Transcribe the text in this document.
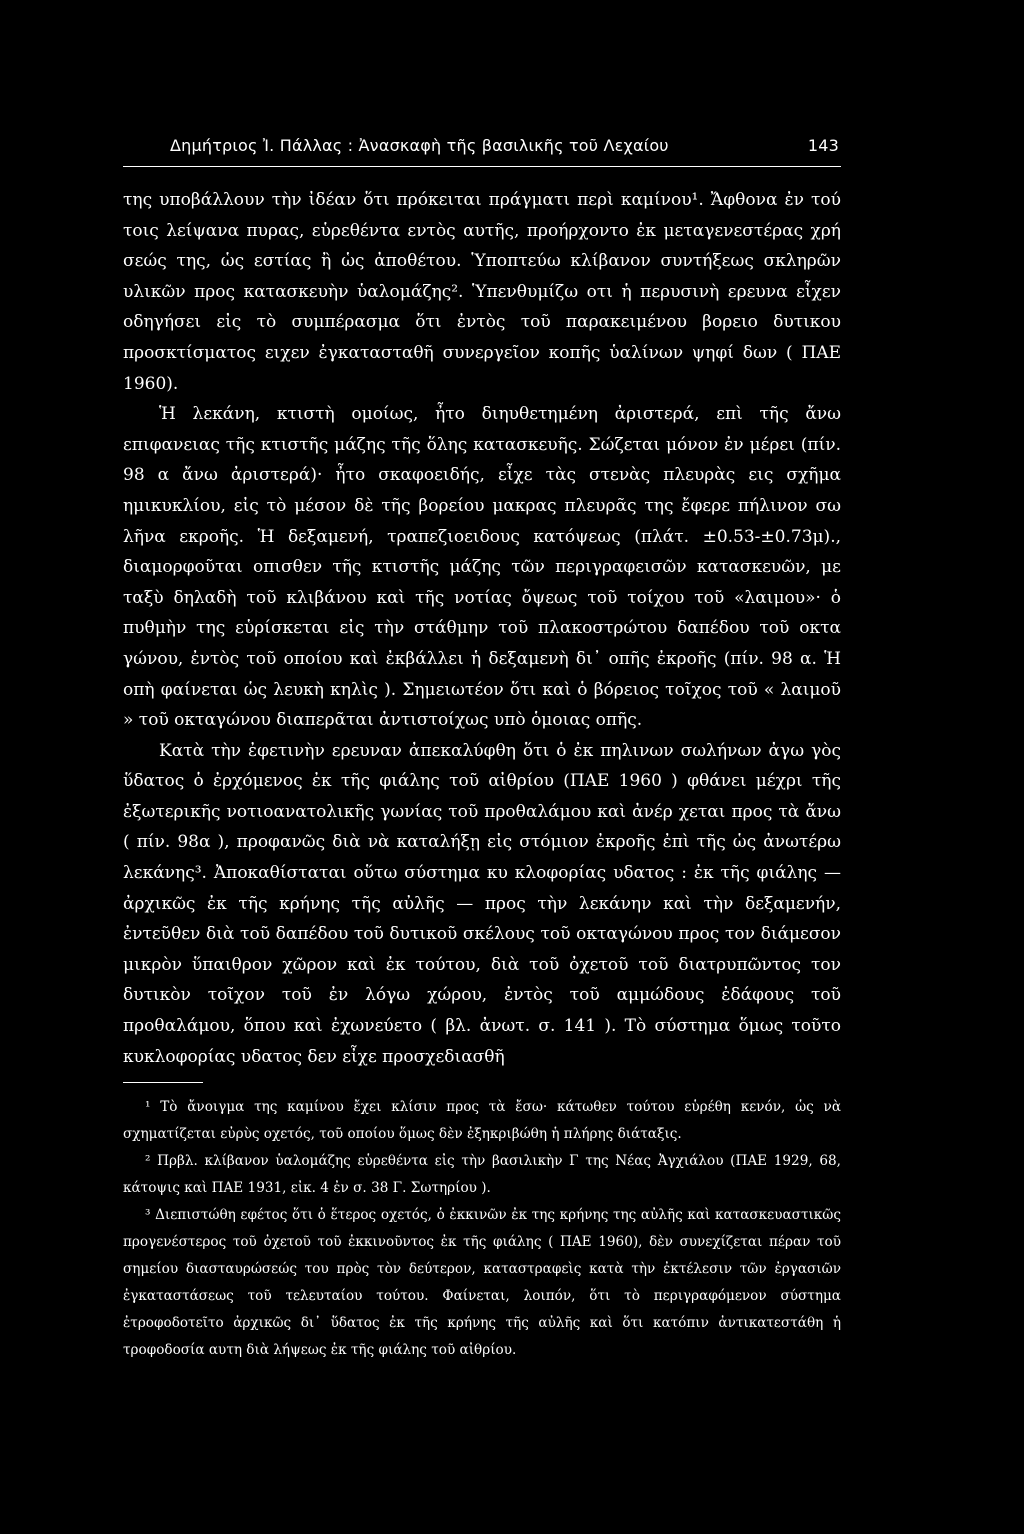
Δημήτριος Ἰ. Πάλλας : Ἀνασκαφὴ τῆς βασιλικῆς τοῦ Λεχαίου	143

της υποβάλλουν τὴν ἰδέαν ὅτι πρόκειται πράγματι περὶ καμίνου¹. Ἄφθονα ἐν τού τοις λείψανα πυρας, εὑρεθέντα εντὸς αυτῆς, προήρχοντο ἐκ μεταγενεστέρας χρή σεώς της, ὡς εστίας ἢ ὡς ἀποθέτου. Ὑποπτεύω κλίβανον συντήξεως σκληρῶν υλικῶν προς κατασκευὴν ὑαλομάζης². Ὑπενθυμίζω οτι ἡ περυσινὴ ερευνα εἶχεν οδηγήσει εἰς τὸ συμπέρασμα ὅτι ἐντὸς τοῦ παρακειμένου βορειο δυτικου προσκτίσματος ειχεν ἐγκατασταθῆ συνεργεῖον κοπῆς ὑαλίνων ψηφί δων ( ΠΑΕ 1960).

Ἡ λεκάνη, κτιστὴ ομοίως, ἦτο διηυθετημένη ἀριστερά, επὶ τῆς ἄνω επιφανειας τῆς κτιστῆς μάζης τῆς ὅλης κατασκευῆς. Σώζεται μόνον ἐν μέρει (πίν. 98 α ἄνω ἀριστερά)· ἦτο σκαφοειδής, εἶχε τὰς στενὰς πλευρὰς εις σχῆμα ημικυκλίου, εἰς τὸ μέσον δὲ τῆς βορείου μακρας πλευρᾶς της ἔφερε πήλινον σω λῆνα εκροῆς. Ἡ δεξαμενή, τραπεζιοειδους κατόψεως (πλάτ. ±0.53-±0.73μ)., διαμορφοῦται οπισθεν τῆς κτιστῆς μάζης τῶν περιγραφεισῶν κατασκευῶν, με ταξὺ δηλαδὴ τοῦ κλιβάνου καὶ τῆς νοτίας ὄψεως τοῦ τοίχου τοῦ «λαιμου»· ὁ πυθμὴν της εὑρίσκεται εἰς τὴν στάθμην τοῦ πλακοστρώτου δαπέδου τοῦ οκτα γώνου, ἐντὸς τοῦ οποίου καὶ ἐκβάλλει ἡ δεξαμενὴ δι᾽ οπῆς ἐκροῆς (πίν. 98 α. Ἡ οπὴ φαίνεται ὡς λευκὴ κηλὶς ). Σημειωτέον ὅτι καὶ ὁ βόρειος τοῖχος τοῦ « λαιμοῦ » τοῦ οκταγώνου διαπερᾶται ἀντιστοίχως υπὸ ὁμοιας οπῆς.

Κατὰ τὴν ἐφετινὴν ερευναν ἀπεκαλύφθη ὅτι ὁ ἐκ πηλινων σωλήνων ἀγω γὸς ὕδατος ὁ ἐρχόμενος ἐκ τῆς φιάλης τοῦ αἰθρίου (ΠΑΕ 1960 ) φθάνει μέχρι τῆς ἐξωτερικῆς νοτιοανατολικῆς γωνίας τοῦ προθαλάμου καὶ ἀνέρ χεται προς τὰ ἄνω ( πίν. 98α ), προφανῶς διὰ νὰ καταλήξῃ εἰς στόμιον ἐκροῆς ἐπὶ τῆς ὡς ἀνωτέρω λεκάνης³. Ἀποκαθίσταται οὕτω σύστημα κυ κλοφορίας υδατος : ἐκ τῆς φιάλης — ἀρχικῶς ἐκ τῆς κρήνης τῆς αὐλῆς — προς τὴν λεκάνην καὶ τὴν δεξαμενήν, ἐντεῦθεν διὰ τοῦ δαπέδου τοῦ δυτικοῦ σκέλους τοῦ οκταγώνου προς τον διάμεσον μικρὸν ὕπαιθρον χῶρον καὶ ἐκ τούτου, διὰ τοῦ ὀχετοῦ τοῦ διατρυπῶντος τον δυτικὸν τοῖχον τοῦ ἐν λόγω χώρου, ἐντὸς τοῦ αμμώδους ἐδάφους τοῦ προθαλάμου, ὅπου καὶ ἐχωνεύετο ( βλ. ἀνωτ. σ. 141 ). Τὸ σύστημα ὅμως τοῦτο κυκλοφορίας υδατος δεν εἶχε προσχεδιασθῆ

¹ Τὸ ἄνοιγμα της καμίνου ἔχει κλίσιν προς τὰ ἔσω· κάτωθεν τούτου εὑρέθη κενόν, ὡς νὰ σχηματίζεται εὐρὺς οχετός, τοῦ οποίου ὅμως δὲν ἐξηκριβώθη ἡ πλήρης διάταξις.

² Πρβλ. κλίβανον ὑαλομάζης εὑρεθέντα εἰς τὴν βασιλικὴν Γ της Νέας Ἀγχιάλου (ΠΑΕ 1929, 68, κάτοψις καὶ ΠΑΕ 1931, εἰκ. 4 ἐν σ. 38 Γ. Σωτηρίου ).

³ Διεπιστώθη εφέτος ὅτι ὁ ἕτερος οχετός, ὁ ἐκκινῶν ἐκ της κρήνης της αὐλῆς καὶ κατασκευαστικῶς προγενέστερος τοῦ ὀχετοῦ τοῦ ἐκκινοῦντος ἐκ τῆς φιάλης ( ΠΑΕ 1960), δὲν συνεχίζεται πέραν τοῦ σημείου διασταυρώσεώς του πρὸς τὸν δεύτερον, καταστραφεὶς κατὰ τὴν ἐκτέλεσιν τῶν ἐργασιῶν ἐγκαταστάσεως τοῦ τελευταίου τούτου. Φαίνεται, λοιπόν, ὅτι τὸ περιγραφόμενον σύστημα ἐτροφοδοτεῖτο ἀρχικῶς δι᾽ ὕδατος ἐκ τῆς κρήνης τῆς αὐλῆς καὶ ὅτι κατόπιν ἀντικατεστάθη ἡ τροφοδοσία αυτη διὰ λήψεως ἐκ τῆς φιάλης τοῦ αἰθρίου.
